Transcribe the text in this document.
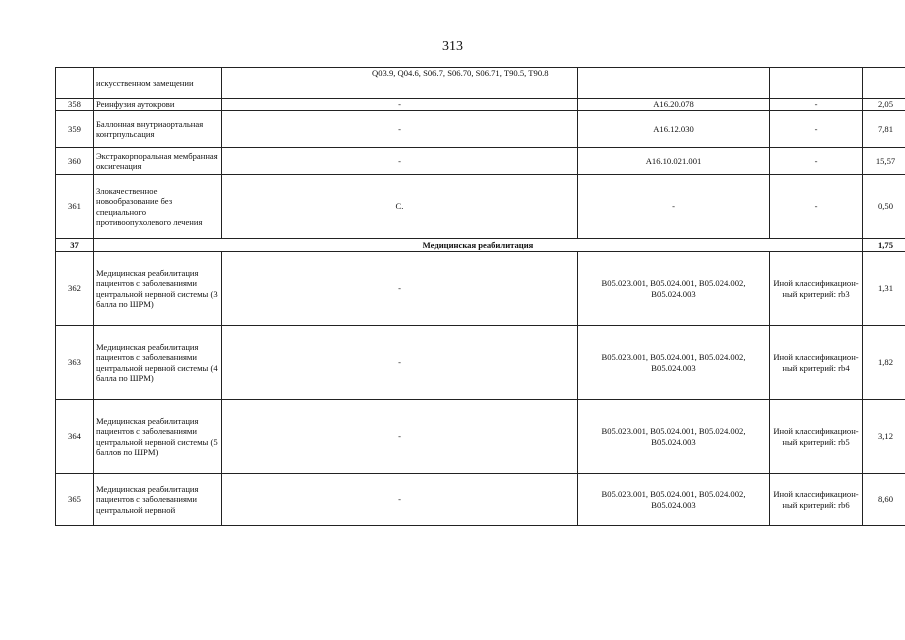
313
	искусственном замещении	Q03.9, Q04.6, S06.7, S06.70, S06.71, T90.5, T90.8			
358	Реинфузия аутокрови	-	A16.20.078	-	2,05
359	Баллонная внутриаортальная контрпульсация	-	A16.12.030	-	7,81
360	Экстракорпоральная мембранная оксигенация	-	A16.10.021.001	-	15,57
361	Злокачественное новообразование без специального противоопухолевого лечения	C.	-	-	0,50
37	Медицинская реабилитация				1,75
362	Медицинская реабилитация пациентов с заболеваниями центральной нервной системы (3 балла по ШРМ)	-	B05.023.001, B05.024.001, B05.024.002, B05.024.003	Иной классификацион-ный критерий: rb3	1,31
363	Медицинская реабилитация пациентов с заболеваниями центральной нервной системы (4 балла по ШРМ)	-	B05.023.001, B05.024.001, B05.024.002, B05.024.003	Иной классификацион-ный критерий: rb4	1,82
364	Медицинская реабилитация пациентов с заболеваниями центральной нервной системы (5 баллов по ШРМ)	-	B05.023.001, B05.024.001, B05.024.002, B05.024.003	Иной классификацион-ный критерий: rb5	3,12
365	Медицинская реабилитация пациентов с заболеваниями центральной нервной	-	B05.023.001, B05.024.001, B05.024.002, B05.024.003	Иной классификацион-ный критерий: rb6	8,60
